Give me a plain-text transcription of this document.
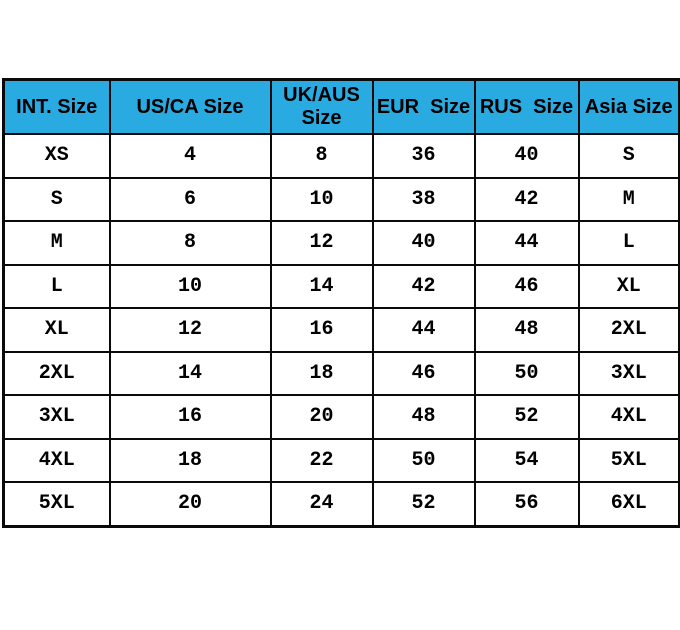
INT. Size	US/CA Size	UK/AUS Size	EUR  Size	RUS  Size	Asia Size
XS	4	8	36	40	S
S	6	10	38	42	M
M	8	12	40	44	L
L	10	14	42	46	XL
XL	12	16	44	48	2XL
2XL	14	18	46	50	3XL
3XL	16	20	48	52	4XL
4XL	18	22	50	54	5XL
5XL	20	24	52	56	6XL
